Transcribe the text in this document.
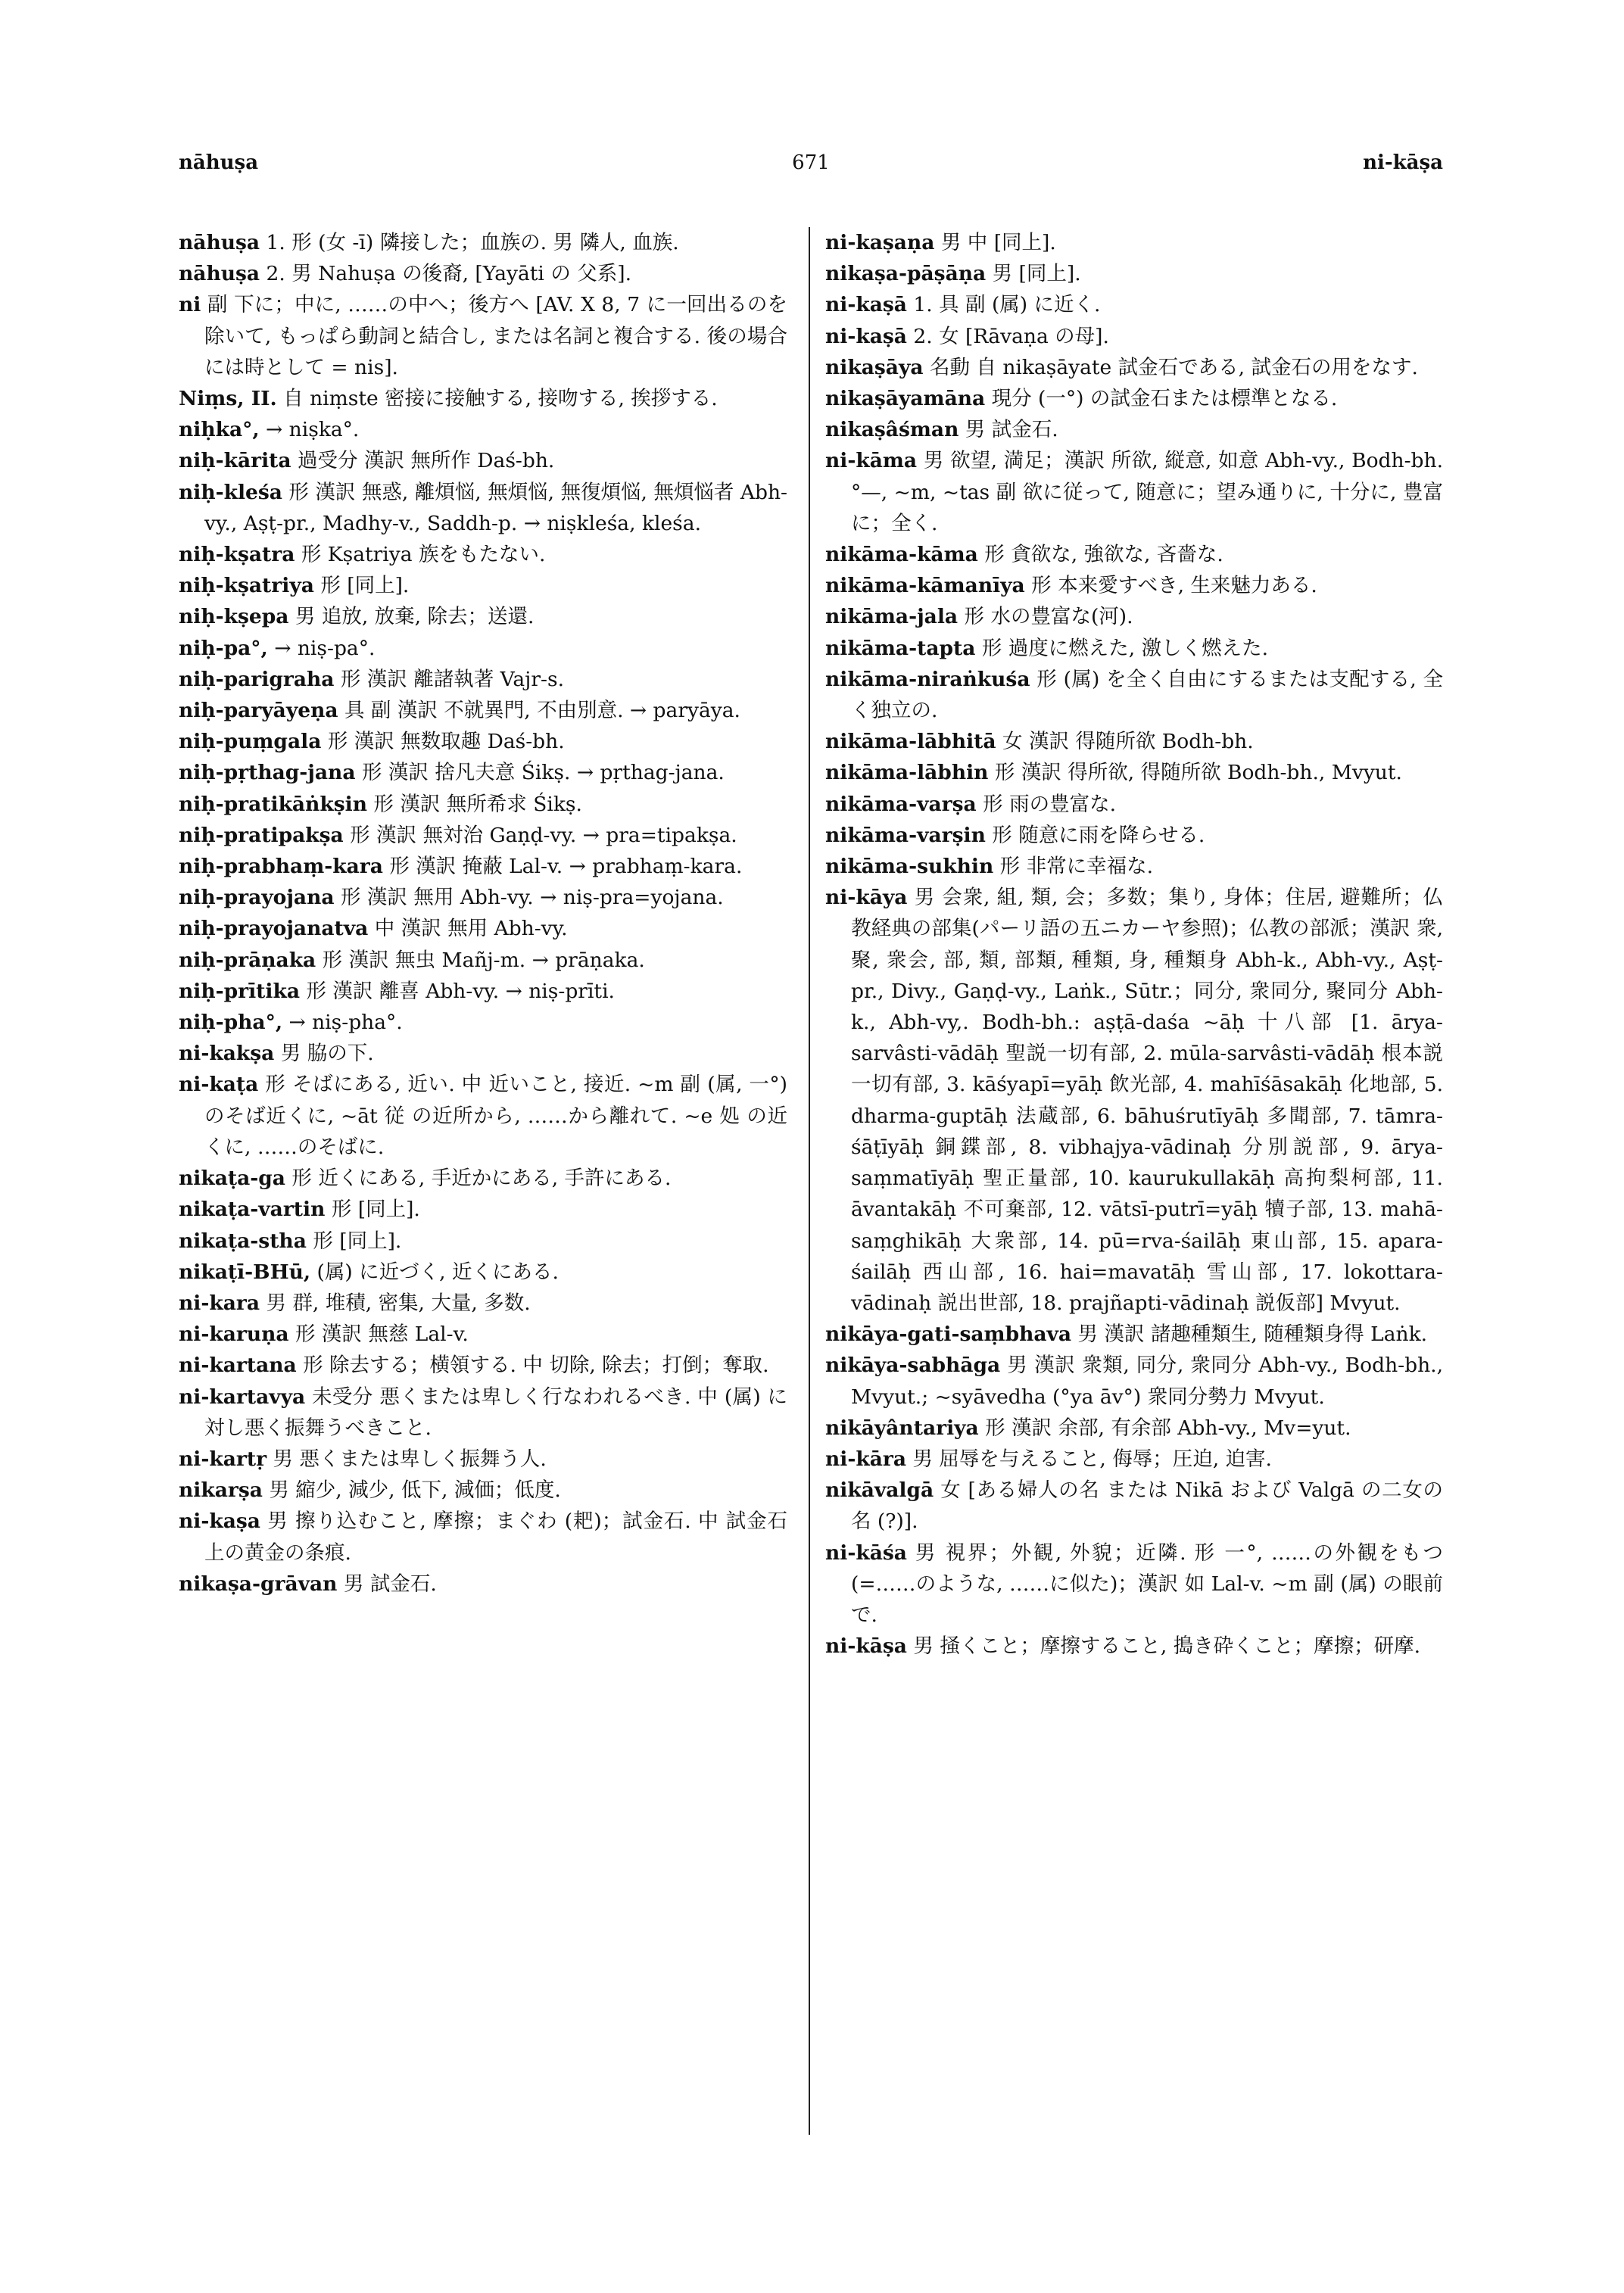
nāhuṣa	671	ni-kāṣa

nāhuṣa 1. 形 (女 -ī) 隣接した；血族の. 男 隣人, 血族.

nāhuṣa 2. 男 Nahuṣa の後裔, [Yayāti の 父系].

ni 副 下に；中に, ……の中へ；後方へ [AV. X 8, 7 に一回出るのを除いて, もっぱら動詞と結合し, または名詞と複合する. 後の場合には時として = nis].

Niṃs, II. 自 niṃste 密接に接触する, 接吻する, 挨拶する.

niḥka°, → niṣka°.

niḥ-kārita 過受分 漢訳 無所作 Daś-bh.

niḥ-kleśa 形 漢訳 無惑, 離煩悩, 無煩悩, 無復煩悩, 無煩悩者 Abh-vy., Aṣṭ-pr., Madhy-v., Saddh-p. → niṣkleśa, kleśa.

niḥ-kṣatra 形 Kṣatriya 族をもたない.

niḥ-kṣatriya 形 [同上].

niḥ-kṣepa 男 追放, 放棄, 除去；送還.

niḥ-pa°, → niṣ-pa°.

niḥ-parigraha 形 漢訳 離諸執著 Vajr-s.

niḥ-paryāyeṇa 具 副 漢訳 不就異門, 不由別意. → paryāya.

niḥ-puṃgala 形 漢訳 無数取趣 Daś-bh.

niḥ-pṛthag-jana 形 漢訳 捨凡夫意 Śikṣ. → pṛthag-jana.

niḥ-pratikāṅkṣin 形 漢訳 無所希求 Śikṣ.

niḥ-pratipakṣa 形 漢訳 無対治 Gaṇḍ-vy. → pra=tipakṣa.

niḥ-prabhaṃ-kara 形 漢訳 掩蔽 Lal-v. → prabhaṃ-kara.

niḥ-prayojana 形 漢訳 無用 Abh-vy. → niṣ-pra=yojana.

niḥ-prayojanatva 中 漢訳 無用 Abh-vy.

niḥ-prāṇaka 形 漢訳 無虫 Mañj-m. → prāṇaka.

niḥ-prītika 形 漢訳 離喜 Abh-vy. → niṣ-prīti.

niḥ-pha°, → niṣ-pha°.

ni-kakṣa 男 脇の下.

ni-kaṭa 形 そばにある, 近い. 中 近いこと, 接近. ~m 副 (属, 一°)のそば近くに, ~āt 従 の近所から, ……から離れて. ~e 処 の近くに, ……のそばに.

nikaṭa-ga 形 近くにある, 手近かにある, 手許にある.

nikaṭa-vartin 形 [同上].

nikaṭa-stha 形 [同上].

nikaṭī-BHū, (属) に近づく, 近くにある.

ni-kara 男 群, 堆積, 密集, 大量, 多数.

ni-karuṇa 形 漢訳 無慈 Lal-v.

ni-kartana 形 除去する；横領する. 中 切除, 除去；打倒；奪取.

ni-kartavya 未受分 悪くまたは卑しく行なわれるべき. 中 (属) に対し悪く振舞うべきこと.

ni-kartṛ 男 悪くまたは卑しく振舞う人.

nikarṣa 男 縮少, 減少, 低下, 減価；低度.

ni-kaṣa 男 擦り込むこと, 摩擦；まぐわ (耙)；試金石. 中 試金石上の黄金の条痕.

nikaṣa-grāvan 男 試金石.

ni-kaṣaṇa 男 中 [同上].

nikaṣa-pāṣāṇa 男 [同上].

ni-kaṣā 1. 具 副 (属) に近く.

ni-kaṣā 2. 女 [Rāvaṇa の母].

nikaṣāya 名動 自 nikaṣāyate 試金石である, 試金石の用をなす.

nikaṣāyamāna 現分 (一°) の試金石または標準となる.

nikaṣâśman 男 試金石.

ni-kāma 男 欲望, 満足；漢訳 所欲, 縦意, 如意 Abh-vy., Bodh-bh. °—, ~m, ~tas 副 欲に従って, 随意に；望み通りに, 十分に, 豊富に；全く.

nikāma-kāma 形 貪欲な, 強欲な, 吝嗇な.

nikāma-kāmanīya 形 本来愛すべき, 生来魅力ある.

nikāma-jala 形 水の豊富な(河).

nikāma-tapta 形 過度に燃えた, 激しく燃えた.

nikāma-niraṅkuśa 形 (属) を全く自由にするまたは支配する, 全く独立の.

nikāma-lābhitā 女 漢訳 得随所欲 Bodh-bh.

nikāma-lābhin 形 漢訳 得所欲, 得随所欲 Bodh-bh., Mvyut.

nikāma-varṣa 形 雨の豊富な.

nikāma-varṣin 形 随意に雨を降らせる.

nikāma-sukhin 形 非常に幸福な.

ni-kāya 男 会衆, 組, 類, 会；多数；集り, 身体；住居, 避難所；仏教経典の部集(パーリ語の五ニカーヤ参照)；仏教の部派；漢訳 衆, 聚, 衆会, 部, 類, 部類, 種類, 身, 種類身 Abh-k., Abh-vy., Aṣṭ-pr., Divy., Gaṇḍ-vy., Laṅk., Sūtr.；同分, 衆同分, 聚同分 Abh-k., Abh-vy,. Bodh-bh.: aṣṭā-daśa ~āḥ 十八部 [1. ārya-sarvâsti-vādāḥ 聖説一切有部, 2. mūla-sarvâsti-vādāḥ 根本説一切有部, 3. kāśyapī=yāḥ 飲光部, 4. mahīśāsakāḥ 化地部, 5. dharma-guptāḥ 法蔵部, 6. bāhuśrutīyāḥ 多聞部, 7. tāmra-śāṭīyāḥ 銅鍱部, 8. vibhajya-vādinaḥ 分別説部, 9. ārya-saṃmatīyāḥ 聖正量部, 10. kaurukullakāḥ 高拘梨柯部, 11. āvantakāḥ 不可棄部, 12. vātsī-putrī=yāḥ 犢子部, 13. mahā-saṃghikāḥ 大衆部, 14. pū=rva-śailāḥ 東山部, 15. apara-śailāḥ 西山部, 16. hai=mavatāḥ 雪山部, 17. lokottara-vādinaḥ 説出世部, 18. prajñapti-vādinaḥ 説仮部] Mvyut.

nikāya-gati-saṃbhava 男 漢訳 諸趣種類生, 随種類身得 Laṅk.

nikāya-sabhāga 男 漢訳 衆類, 同分, 衆同分 Abh-vy., Bodh-bh., Mvyut.; ~syāvedha (°ya āv°) 衆同分勢力 Mvyut.

nikāyântariya 形 漢訳 余部, 有余部 Abh-vy., Mv=yut.

ni-kāra 男 屈辱を与えること, 侮辱；圧迫, 迫害.

nikāvalgā 女 [ある婦人の名 または Nikā および Valgā の二女の名 (?)].

ni-kāśa 男 視界；外観, 外貌；近隣. 形 一°, ……の外観をもつ (=……のような, ……に似た)；漢訳 如 Lal-v. ~m 副 (属) の眼前で.

ni-kāṣa 男 掻くこと；摩擦すること, 搗き砕くこと；摩擦；研摩.
